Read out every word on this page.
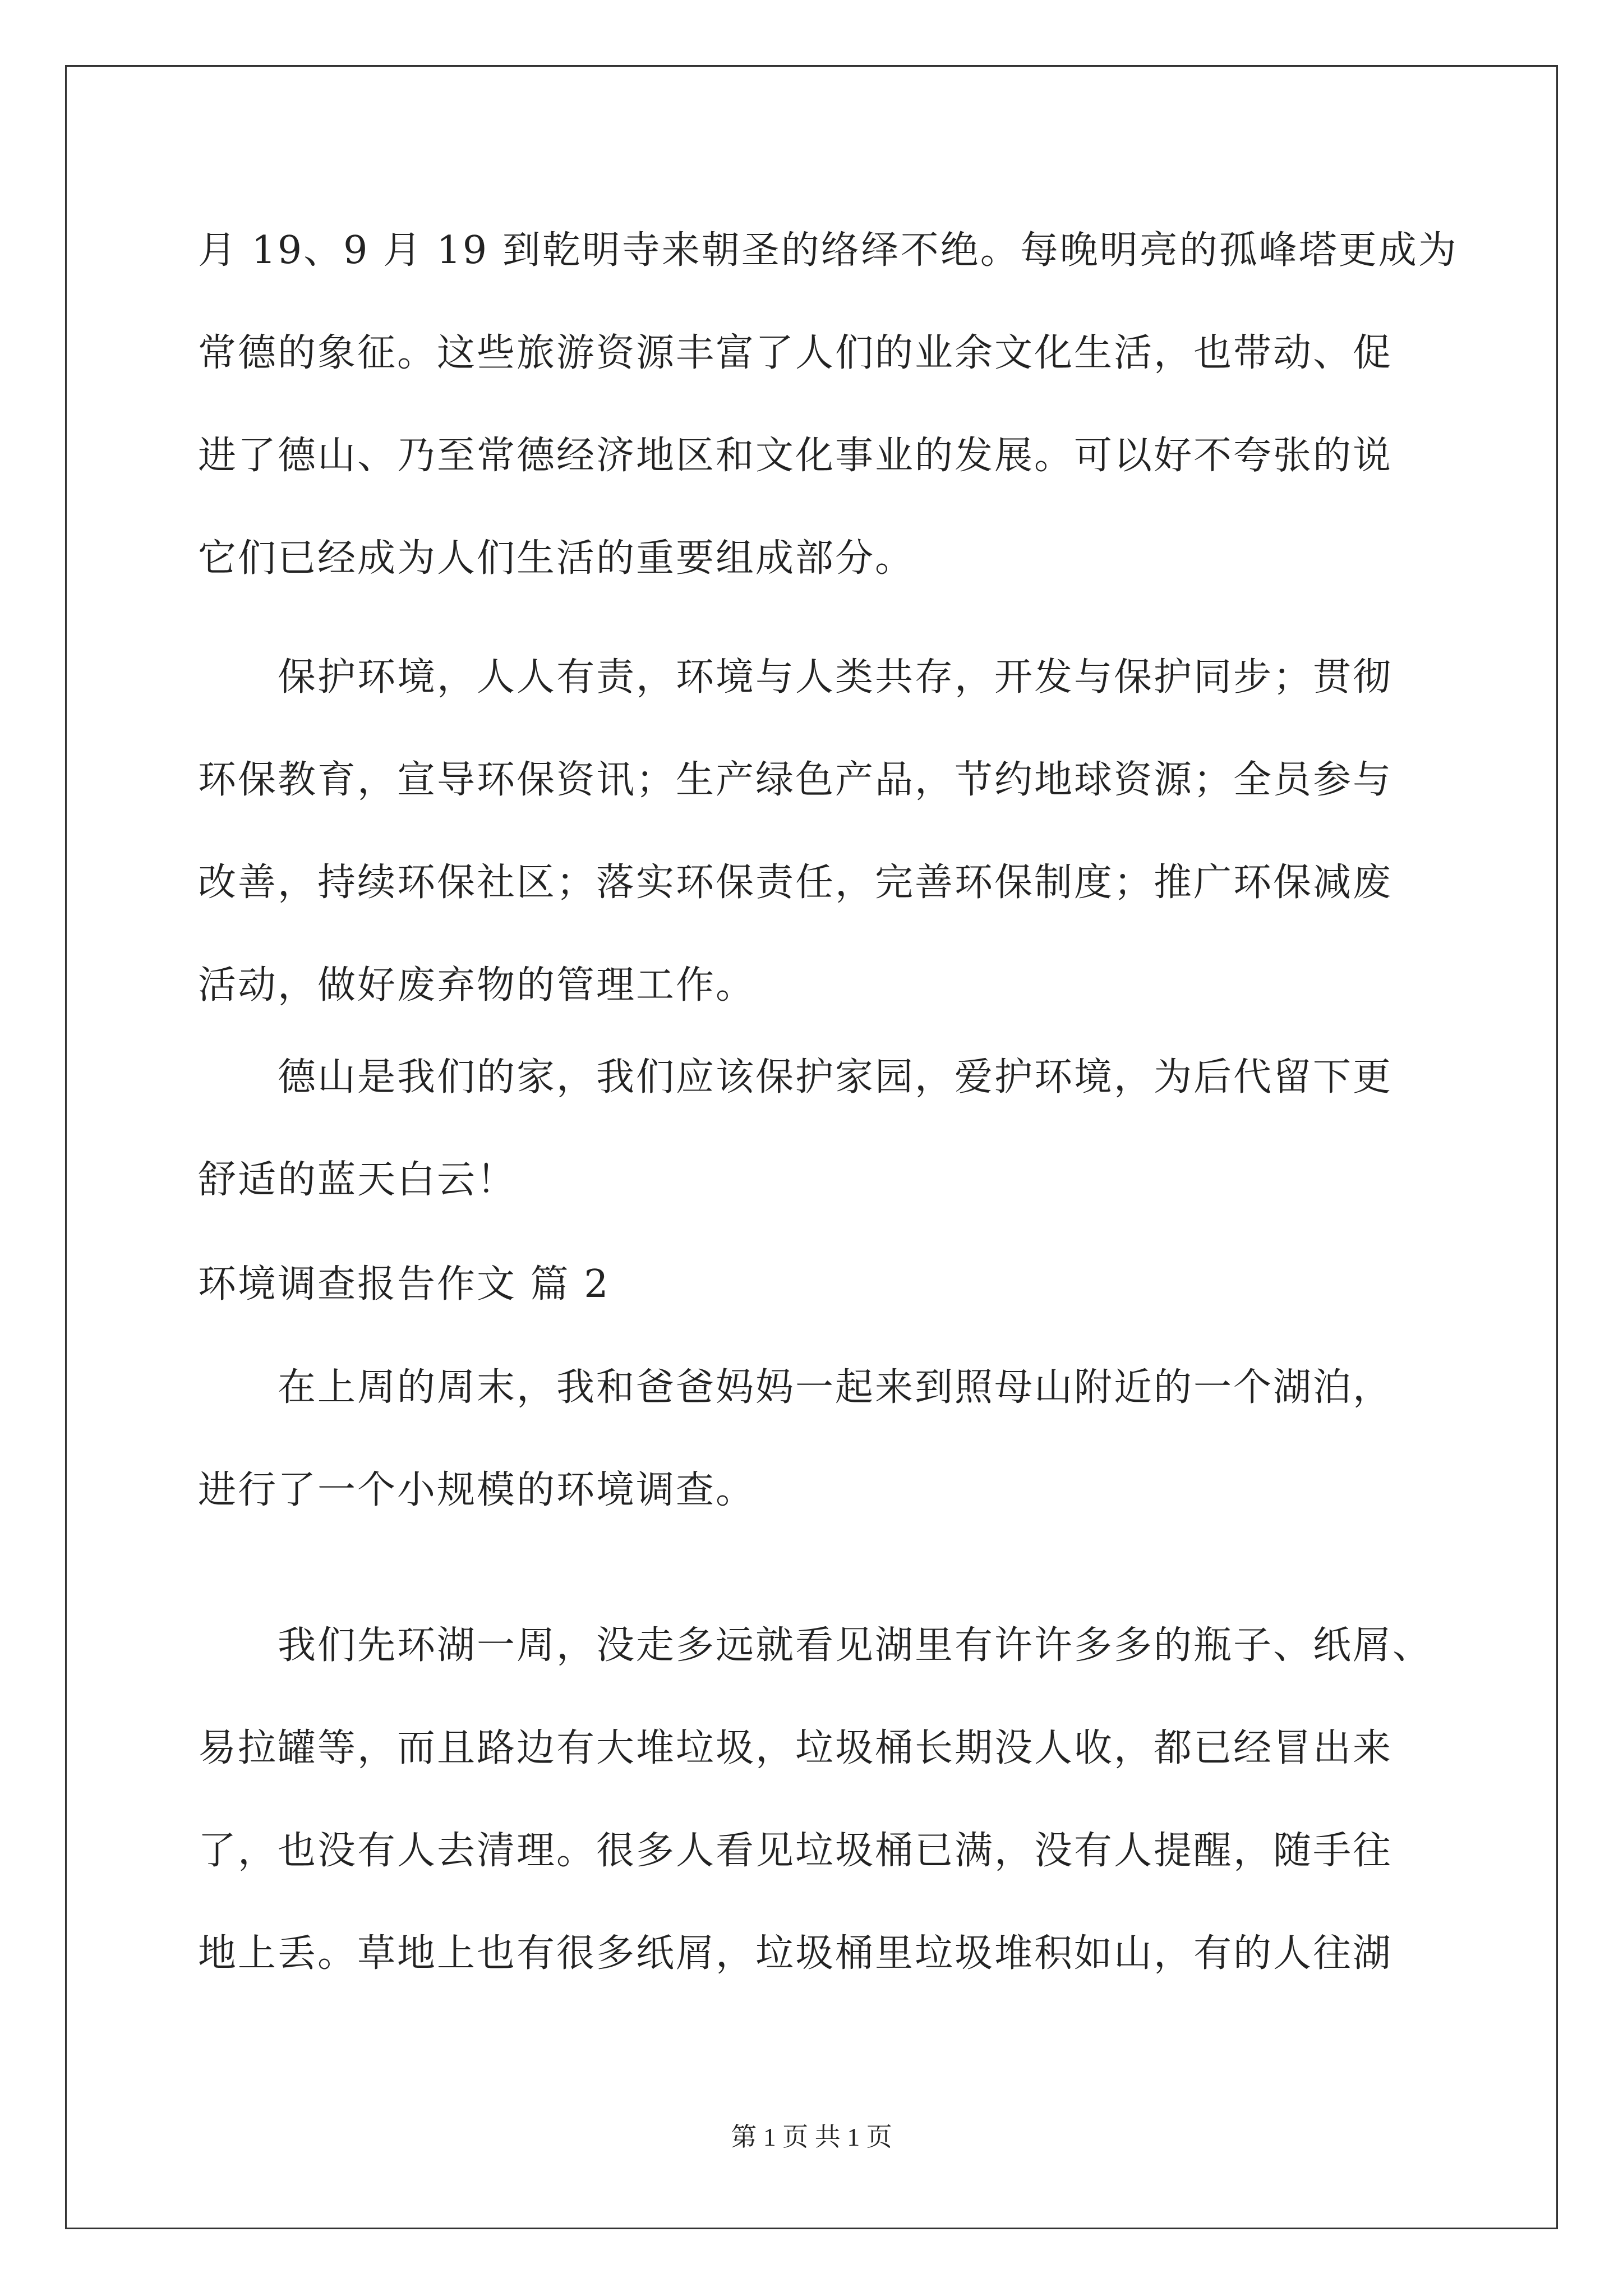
月 19、9 月 19 到乾明寺来朝圣的络绎不绝。每晚明亮的孤峰塔更成为
常德的象征。这些旅游资源丰富了人们的业余文化生活，也带动、促
进了德山、乃至常德经济地区和文化事业的发展。可以好不夸张的说
它们已经成为人们生活的重要组成部分。
　　保护环境，人人有责，环境与人类共存，开发与保护同步；贯彻
环保教育，宣导环保资讯；生产绿色产品，节约地球资源；全员参与
改善，持续环保社区；落实环保责任，完善环保制度；推广环保减废
活动，做好废弃物的管理工作。
　　德山是我们的家，我们应该保护家园，爱护环境，为后代留下更
舒适的蓝天白云！
环境调查报告作文 篇 2
　　在上周的周末，我和爸爸妈妈一起来到照母山附近的一个湖泊，
进行了一个小规模的环境调查。
　　我们先环湖一周，没走多远就看见湖里有许许多多的瓶子、纸屑、
易拉罐等，而且路边有大堆垃圾，垃圾桶长期没人收，都已经冒出来
了，也没有人去清理。很多人看见垃圾桶已满，没有人提醒，随手往
地上丢。草地上也有很多纸屑，垃圾桶里垃圾堆积如山，有的人往湖
第 1 页 共 1 页
